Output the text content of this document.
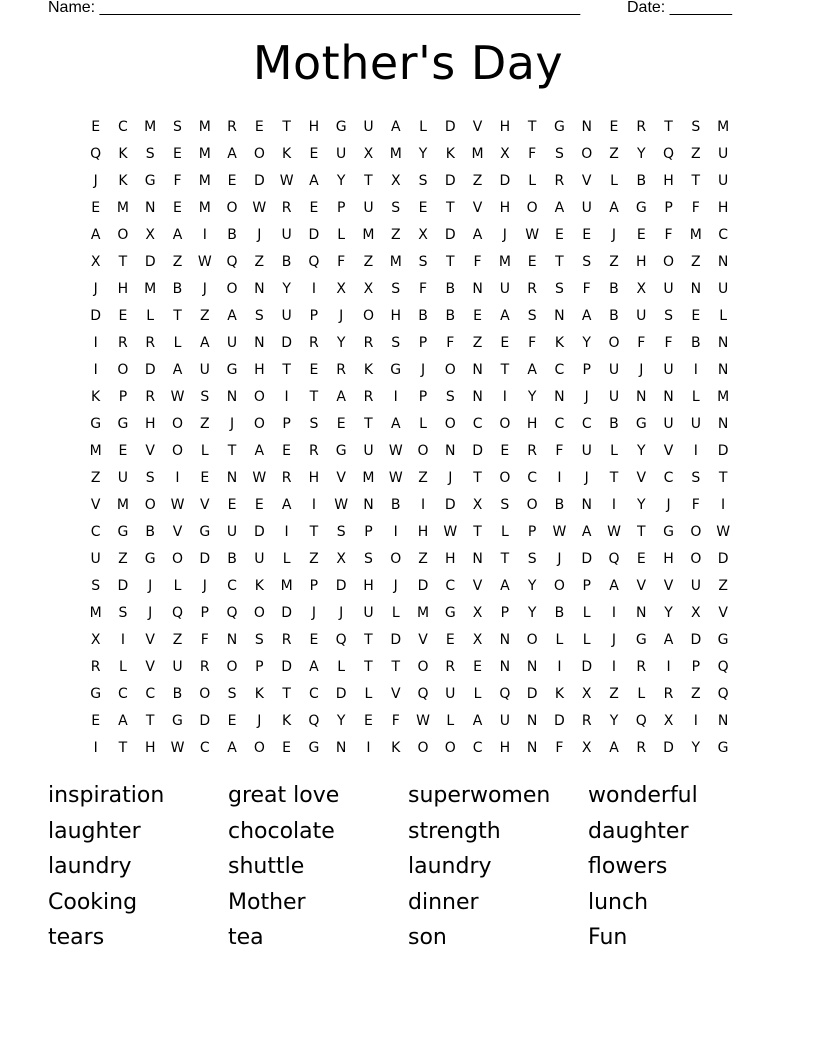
Name: ______________________________________________________	Date: _______
Mother's Day
E	C	M	S	M	R	E	T	H	G	U	A	L	D	V	H	T	G	N	E	R	T	S	M
Q	K	S	E	M	A	O	K	E	U	X	M	Y	K	M	X	F	S	O	Z	Y	Q	Z	U
J	K	G	F	M	E	D	W	A	Y	T	X	S	D	Z	D	L	R	V	L	B	H	T	U
E	M	N	E	M	O	W	R	E	P	U	S	E	T	V	H	O	A	U	A	G	P	F	H
A	O	X	A	I	B	J	U	D	L	M	Z	X	D	A	J	W	E	E	J	E	F	M	C
X	T	D	Z	W	Q	Z	B	Q	F	Z	M	S	T	F	M	E	T	S	Z	H	O	Z	N
J	H	M	B	J	O	N	Y	I	X	X	S	F	B	N	U	R	S	F	B	X	U	N	U
D	E	L	T	Z	A	S	U	P	J	O	H	B	B	E	A	S	N	A	B	U	S	E	L
I	R	R	L	A	U	N	D	R	Y	R	S	P	F	Z	E	F	K	Y	O	F	F	B	N
I	O	D	A	U	G	H	T	E	R	K	G	J	O	N	T	A	C	P	U	J	U	I	N
K	P	R	W	S	N	O	I	T	A	R	I	P	S	N	I	Y	N	J	U	N	N	L	M
G	G	H	O	Z	J	O	P	S	E	T	A	L	O	C	O	H	C	C	B	G	U	U	N
M	E	V	O	L	T	A	E	R	G	U	W	O	N	D	E	R	F	U	L	Y	V	I	D
Z	U	S	I	E	N	W	R	H	V	M	W	Z	J	T	O	C	I	J	T	V	C	S	T
V	M	O	W	V	E	E	A	I	W	N	B	I	D	X	S	O	B	N	I	Y	J	F	I
C	G	B	V	G	U	D	I	T	S	P	I	H	W	T	L	P	W	A	W	T	G	O	W
U	Z	G	O	D	B	U	L	Z	X	S	O	Z	H	N	T	S	J	D	Q	E	H	O	D
S	D	J	L	J	C	K	M	P	D	H	J	D	C	V	A	Y	O	P	A	V	V	U	Z
M	S	J	Q	P	Q	O	D	J	J	U	L	M	G	X	P	Y	B	L	I	N	Y	X	V
X	I	V	Z	F	N	S	R	E	Q	T	D	V	E	X	N	O	L	L	J	G	A	D	G
R	L	V	U	R	O	P	D	A	L	T	T	O	R	E	N	N	I	D	I	R	I	P	Q
G	C	C	B	O	S	K	T	C	D	L	V	Q	U	L	Q	D	K	X	Z	L	R	Z	Q
E	A	T	G	D	E	J	K	Q	Y	E	F	W	L	A	U	N	D	R	Y	Q	X	I	N
I	T	H	W	C	A	O	E	G	N	I	K	O	O	C	H	N	F	X	A	R	D	Y	G
inspiration	great love	superwomen	wonderful
laughter	chocolate	strength	daughter
laundry	shuttle	laundry	flowers
Cooking	Mother	dinner	lunch
tears	tea	son	Fun
